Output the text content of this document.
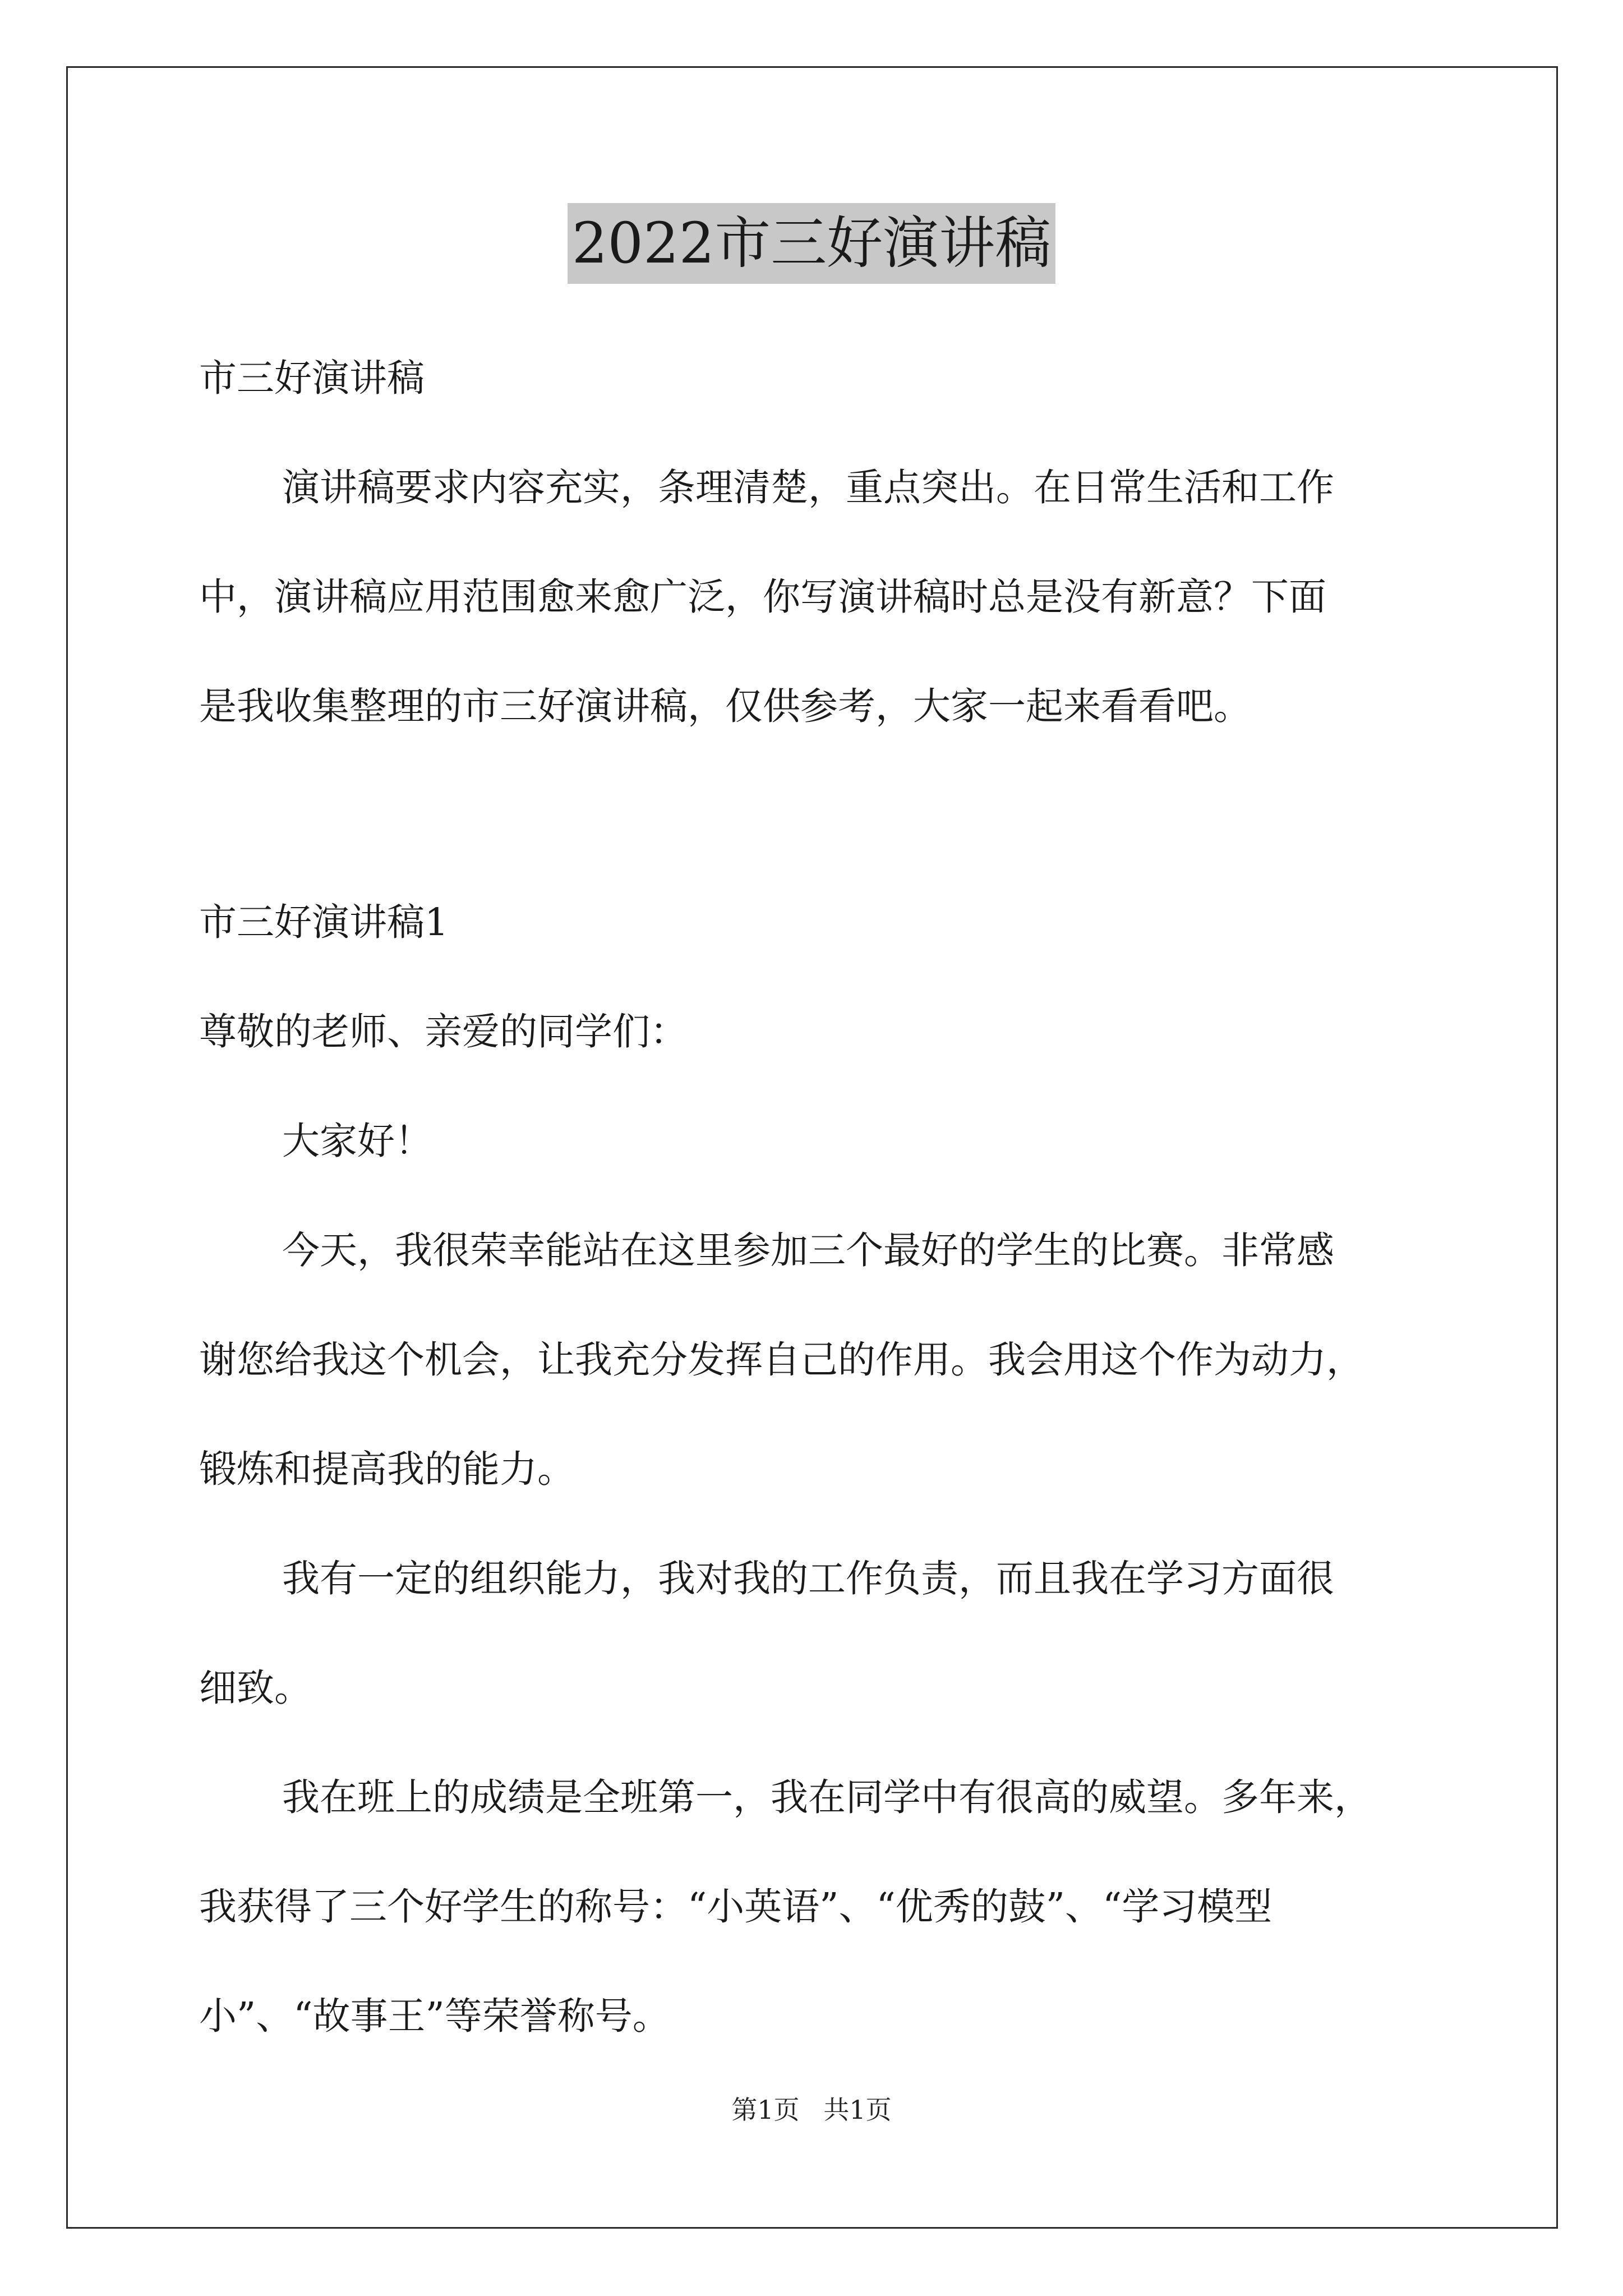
2022市三好演讲稿
市三好演讲稿
演讲稿要求内容充实，条理清楚，重点突出。在日常生活和工作
中，演讲稿应用范围愈来愈广泛，你写演讲稿时总是没有新意？下面
是我收集整理的市三好演讲稿，仅供参考，大家一起来看看吧。
市三好演讲稿1
尊敬的老师、亲爱的同学们：
大家好！
今天，我很荣幸能站在这里参加三个最好的学生的比赛。非常感
谢您给我这个机会，让我充分发挥自己的作用。我会用这个作为动力，
锻炼和提高我的能力。
我有一定的组织能力，我对我的工作负责，而且我在学习方面很
细致。
我在班上的成绩是全班第一，我在同学中有很高的威望。多年来，
我获得了三个好学生的称号：“小英语”、“优秀的鼓”、“学习模型
小”、“故事王”等荣誉称号。
第1页 共1页
